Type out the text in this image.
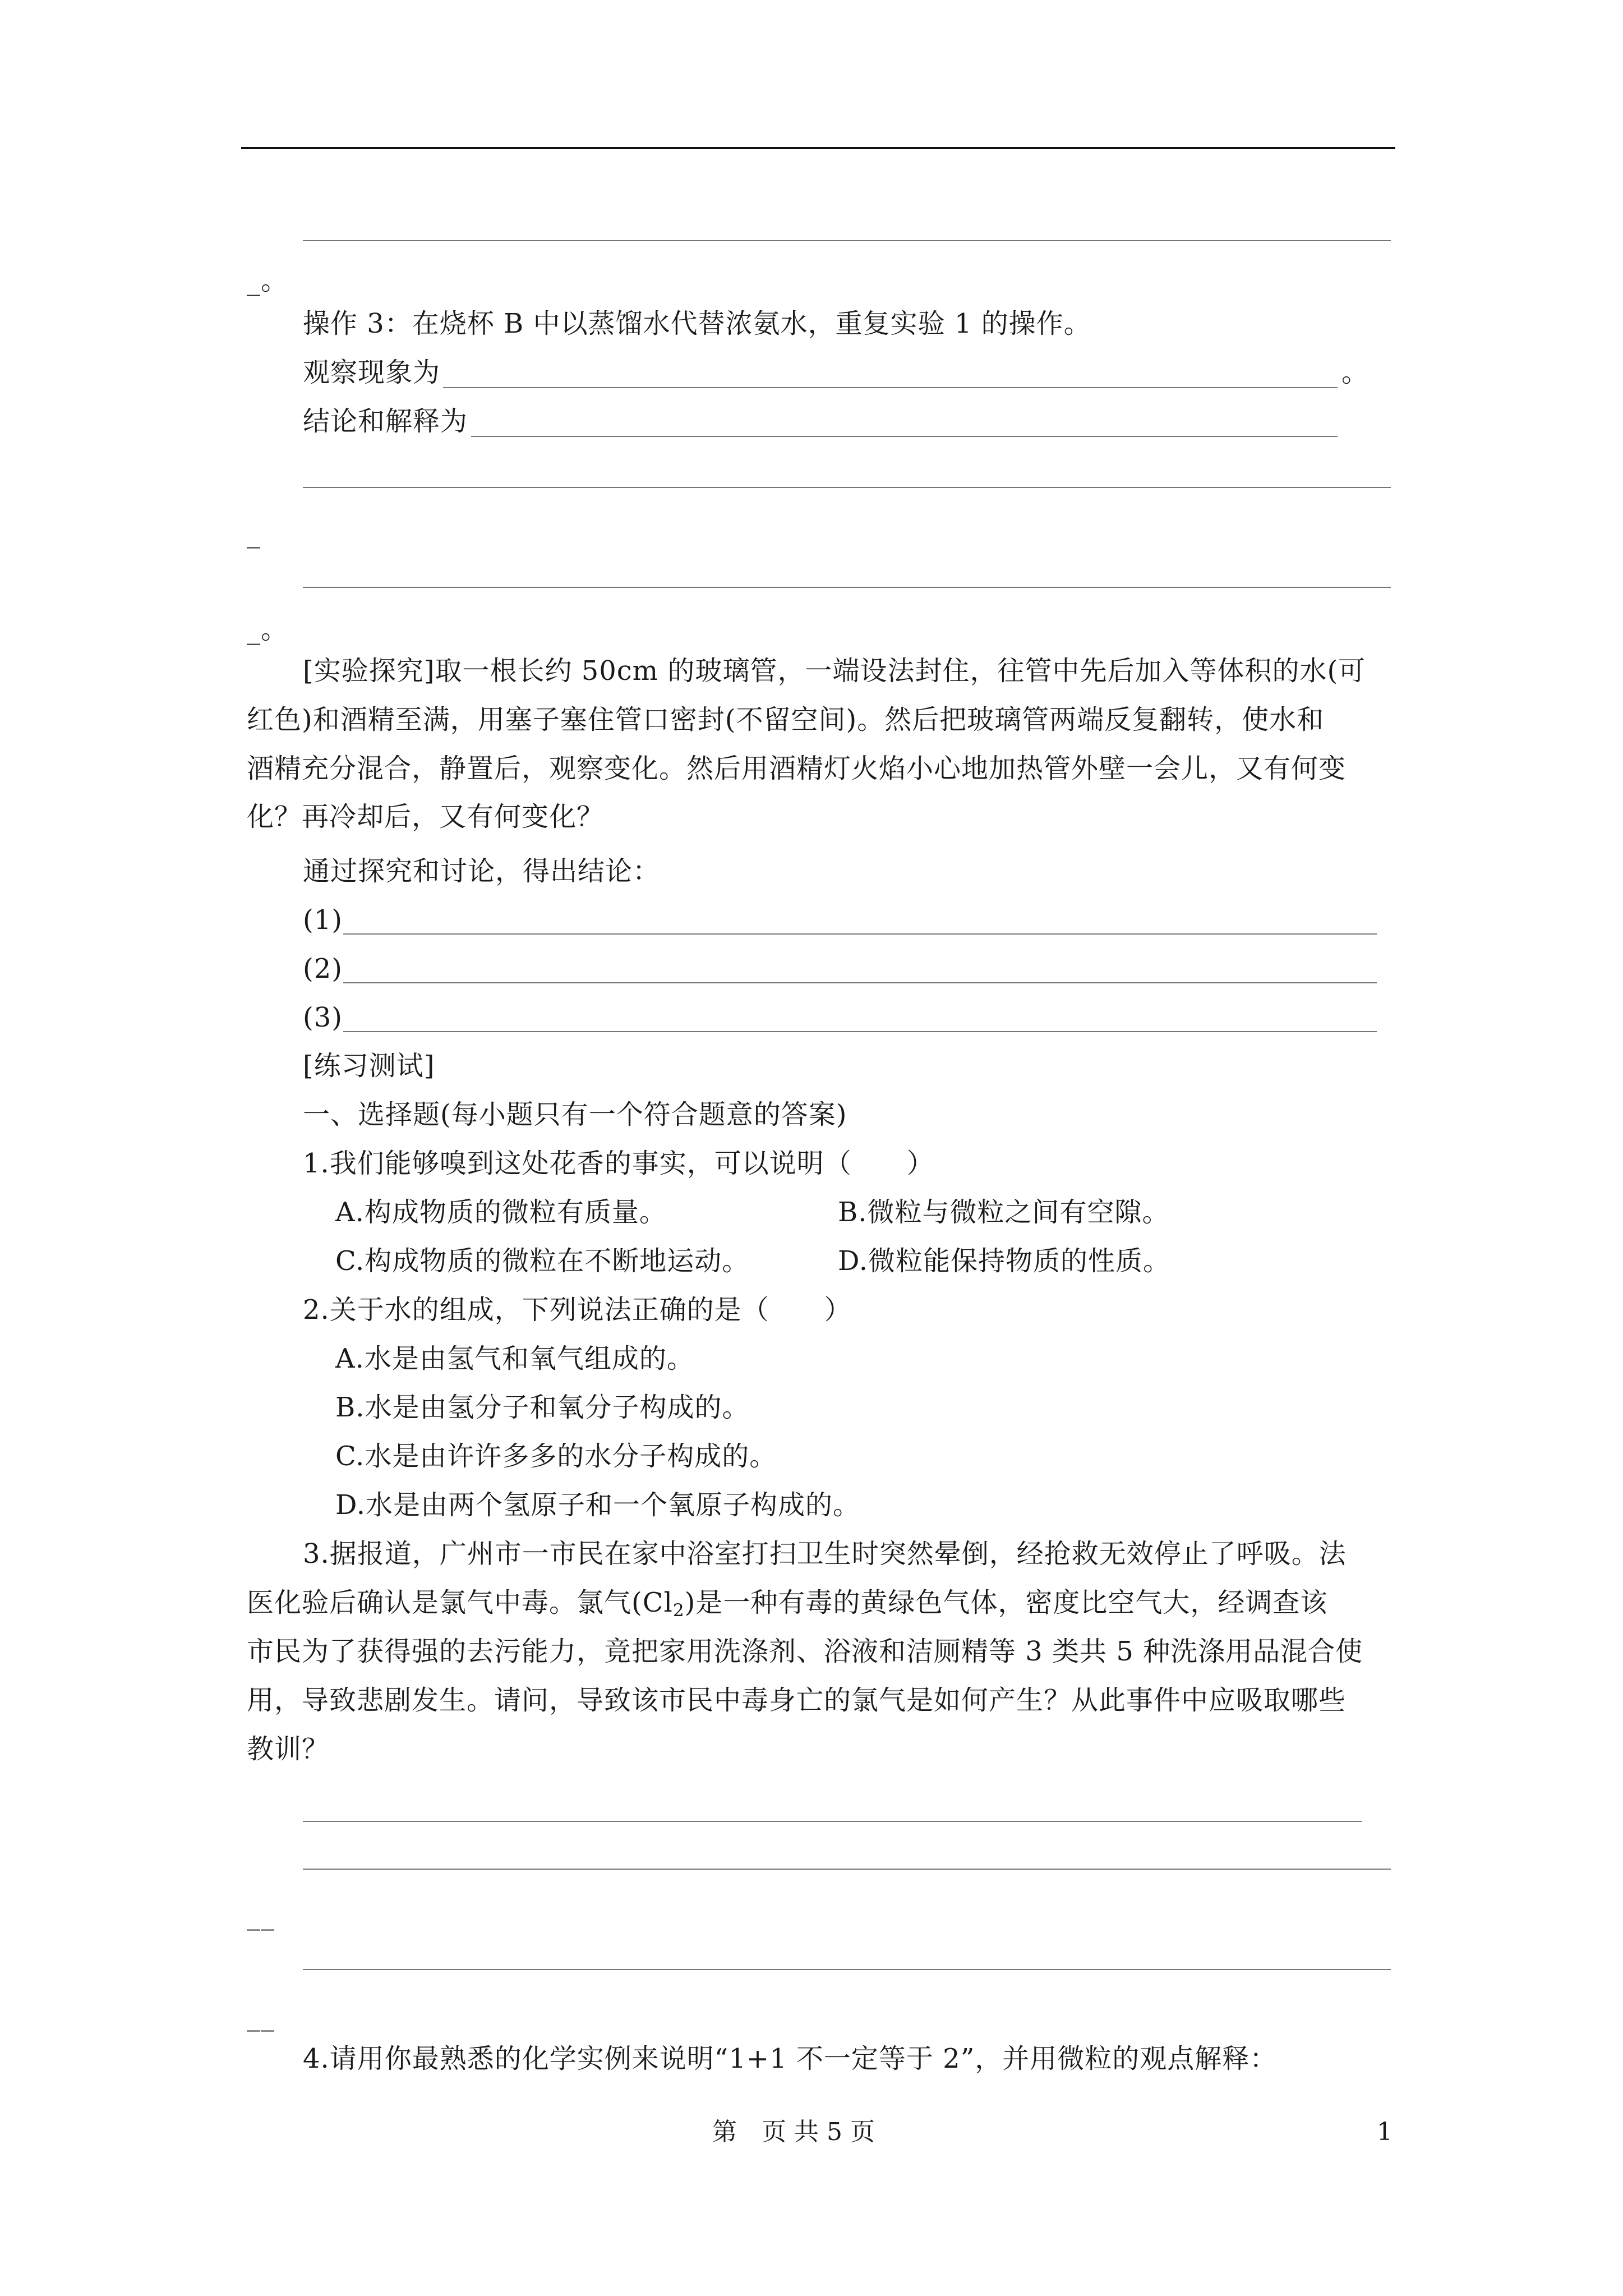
_。
操作 3：在烧杯 B 中以蒸馏水代替浓氨水，重复实验 1 的操作。
观察现象为	。
结论和解释为
_
_。
[实验探究]取一根长约 50cm 的玻璃管，一端设法封住，往管中先后加入等体积的水(可
红色)和酒精至满，用塞子塞住管口密封(不留空间)。然后把玻璃管两端反复翻转，使水和
酒精充分混合，静置后，观察变化。然后用酒精灯火焰小心地加热管外壁一会儿，又有何变
化？再冷却后，又有何变化？
通过探究和讨论，得出结论：
(1)
(2)
(3)
[练习测试]
一、选择题(每小题只有一个符合题意的答案)
1.我们能够嗅到这处花香的事实，可以说明（　　）
A.构成物质的微粒有质量。	B.微粒与微粒之间有空隙。
C.构成物质的微粒在不断地运动。	D.微粒能保持物质的性质。
2.关于水的组成，下列说法正确的是（　　）
A.水是由氢气和氧气组成的。
B.水是由氢分子和氧分子构成的。
C.水是由许许多多的水分子构成的。
D.水是由两个氢原子和一个氧原子构成的。
3.据报道，广州市一市民在家中浴室打扫卫生时突然晕倒，经抢救无效停止了呼吸。法
医化验后确认是氯气中毒。氯气$(Cl_2)$是一种有毒的黄绿色气体，密度比空气大，经调查该
市民为了获得强的去污能力，竟把家用洗涤剂、浴液和洁厕精等 3 类共 5 种洗涤用品混合使
用，导致悲剧发生。请问，导致该市民中毒身亡的氯气是如何产生？从此事件中应吸取哪些
教训？
__
__
4.请用你最熟悉的化学实例来说明“1+1 不一定等于 2”，并用微粒的观点解释：
第　页 共 5 页	1
